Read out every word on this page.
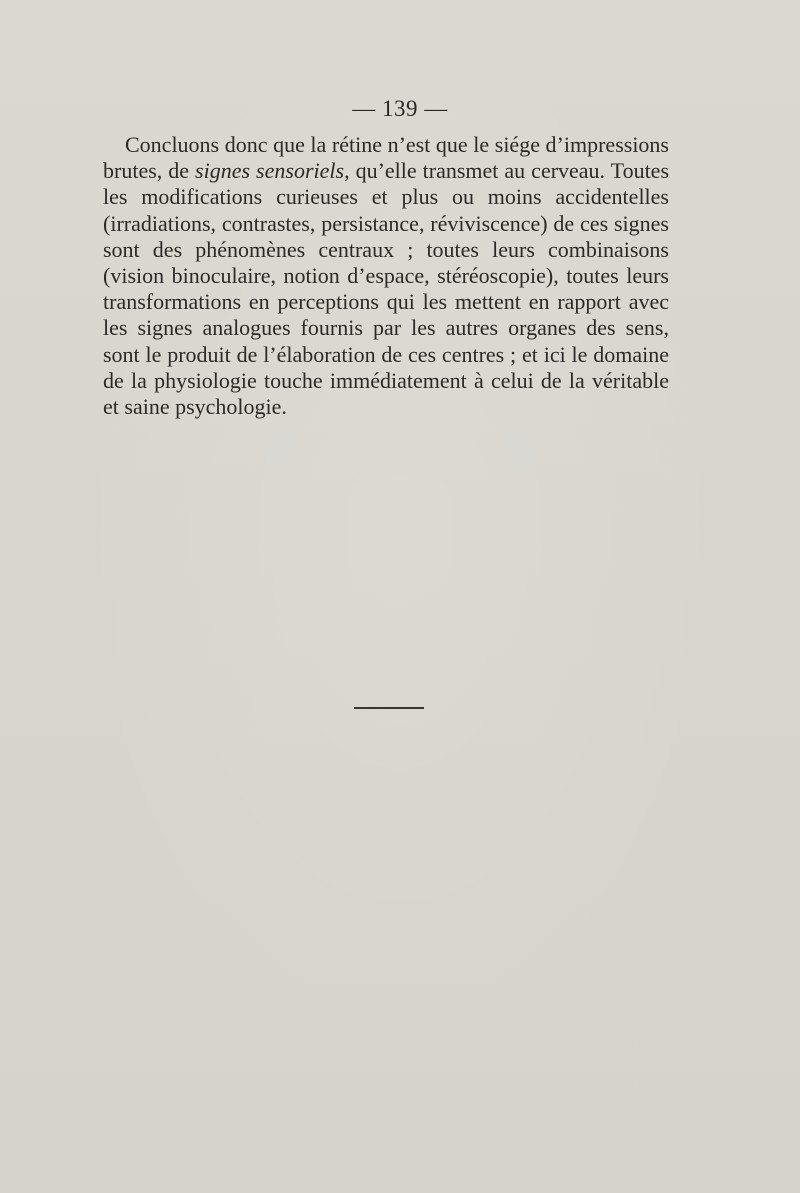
— 139 —

Concluons donc que la rétine n’est que le siége d’impressions brutes, de signes sensoriels, qu’elle transmet au cerveau. Toutes les modifications curieuses et plus ou moins accidentelles (irradiations, contrastes, persistance, réviviscence) de ces signes sont des phénomènes centraux ; toutes leurs combinaisons (vision binoculaire, notion d’espace, stéréoscopie), toutes leurs transformations en perceptions qui les mettent en rapport avec les signes analogues fournis par les autres organes des sens, sont le produit de l’élaboration de ces centres ; et ici le domaine de la physiologie touche immédiatement à celui de la véritable et saine psychologie.
